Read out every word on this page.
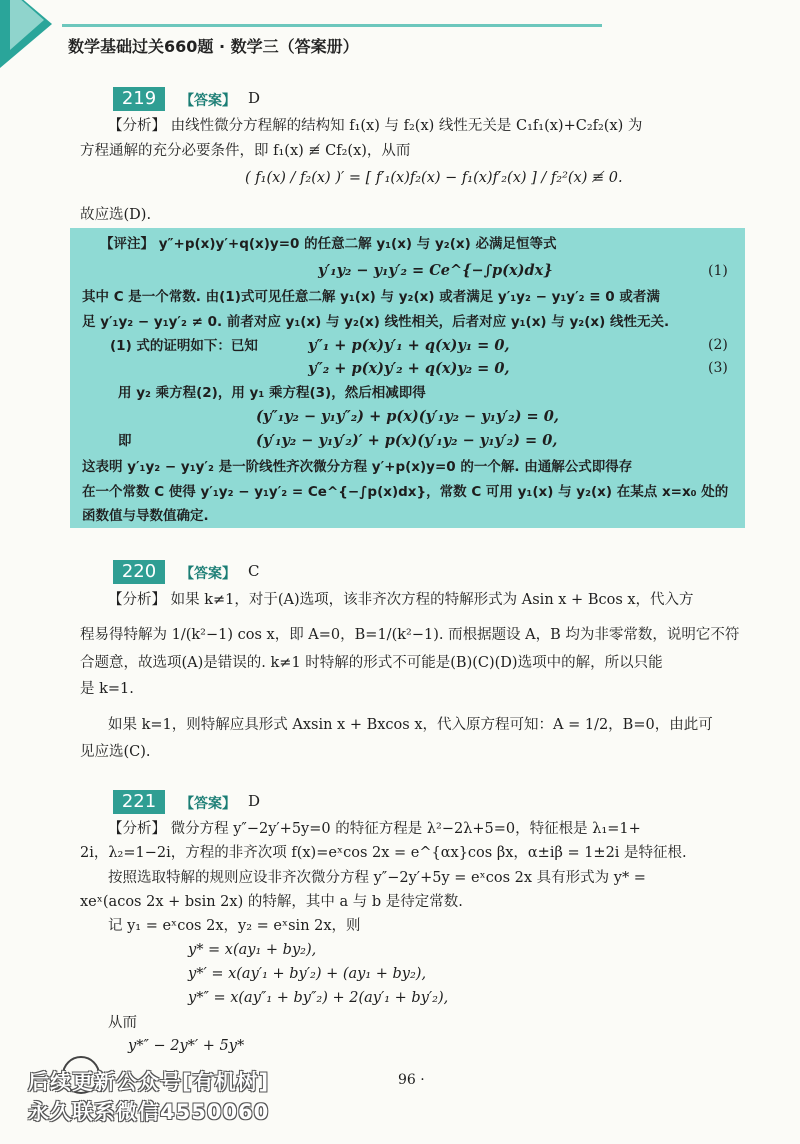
数学基础过关660题 · 数学三（答案册）
219	【答案】 D
【分析】 由线性微分方程解的结构知 f₁(x) 与 f₂(x) 线性无关是 C₁f₁(x)+C₂f₂(x) 为
方程通解的充分必要条件，即 f₁(x) ≢ Cf₂(x)，从而
( f₁(x) / f₂(x) )′ = [ f′₁(x)f₂(x) − f₁(x)f′₂(x) ] / f₂²(x) ≢ 0.
故应选(D).
【评注】 y″+p(x)y′+q(x)y=0 的任意二解 y₁(x) 与 y₂(x) 必满足恒等式
y′₁y₂ − y₁y′₂ = Ce^{−∫p(x)dx}	(1)
其中 C 是一个常数. 由(1)式可见任意二解 y₁(x) 与 y₂(x) 或者满足 y′₁y₂ − y₁y′₂ ≡ 0 或者满
足 y′₁y₂ − y₁y′₂ ≠ 0. 前者对应 y₁(x) 与 y₂(x) 线性相关，后者对应 y₁(x) 与 y₂(x) 线性无关.
(1) 式的证明如下：已知	y″₁ + p(x)y′₁ + q(x)y₁ = 0,	(2)
y″₂ + p(x)y′₂ + q(x)y₂ = 0,	(3)
用 y₂ 乘方程(2)，用 y₁ 乘方程(3)，然后相减即得
(y″₁y₂ − y₁y″₂) + p(x)(y′₁y₂ − y₁y′₂) = 0,
即	(y′₁y₂ − y₁y′₂)′ + p(x)(y′₁y₂ − y₁y′₂) = 0,
这表明 y′₁y₂ − y₁y′₂ 是一阶线性齐次微分方程 y′+p(x)y=0 的一个解. 由通解公式即得存
在一个常数 C 使得 y′₁y₂ − y₁y′₂ = Ce^{−∫p(x)dx}，常数 C 可用 y₁(x) 与 y₂(x) 在某点 x=x₀ 处的
函数值与导数值确定.
220	【答案】 C
【分析】 如果 k≠1，对于(A)选项，该非齐次方程的特解形式为 Asin x + Bcos x，代入方
程易得特解为 1/(k²−1) cos x，即 A=0，B=1/(k²−1). 而根据题设 A，B 均为非零常数，说明它不符
合题意，故选项(A)是错误的. k≠1 时特解的形式不可能是(B)(C)(D)选项中的解，所以只能
是 k=1.
如果 k=1，则特解应具形式 Axsin x + Bxcos x，代入原方程可知：A = 1/2，B=0，由此可
见应选(C).
221	【答案】 D
【分析】 微分方程 y″−2y′+5y=0 的特征方程是 λ²−2λ+5=0，特征根是 λ₁=1+
2i，λ₂=1−2i，方程的非齐次项 f(x)=eˣcos 2x = e^{αx}cos βx，α±iβ = 1±2i 是特征根.
按照选取特解的规则应设非齐次微分方程 y″−2y′+5y = eˣcos 2x 具有形式为 y* =
xeˣ(acos 2x + bsin 2x) 的特解，其中 a 与 b 是待定常数.
记 y₁ = eˣcos 2x，y₂ = eˣsin 2x，则
y* = x(ay₁ + by₂),
y*′ = x(ay′₁ + by′₂) + (ay₁ + by₂),
y*″ = x(ay″₁ + by″₂) + 2(ay′₁ + by′₂),
从而
y*″ − 2y*′ + 5y*
96 ·
后续更新公众号[有机树]
永久联系微信4550060
